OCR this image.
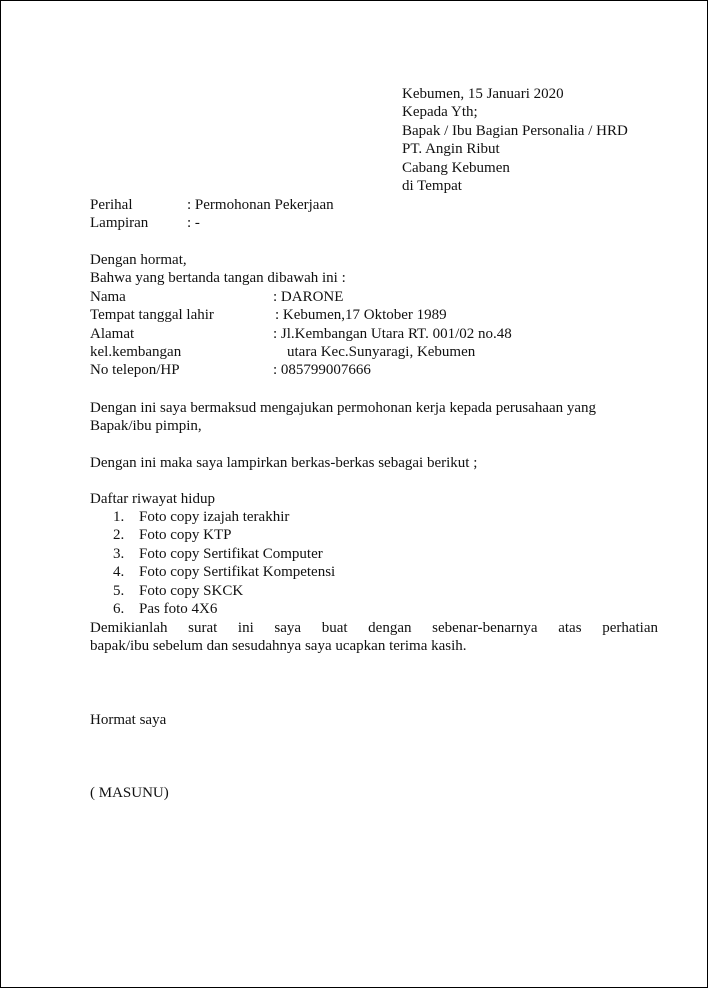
Kebumen, 15 Januari 2020
Kepada Yth;
Bapak / Ibu Bagian Personalia / HRD
PT. Angin Ribut
Cabang Kebumen
di Tempat
Perihal	: Permohonan Pekerjaan
Lampiran	: -
Dengan hormat,
Bahwa yang bertanda tangan dibawah ini :
Nama	: DARONE
Tempat tanggal lahir	: Kebumen,17 Oktober 1989
Alamat	: Jl.Kembangan Utara RT. 001/02 no.48
kel.kembangan	utara Kec.Sunyaragi, Kebumen
No telepon/HP	: 085799007666
Dengan ini saya bermaksud mengajukan permohonan kerja kepada perusahaan yang
Bapak/ibu pimpin,
Dengan ini maka saya lampirkan berkas-berkas sebagai berikut ;
Daftar riwayat hidup
1. Foto copy izajah terakhir
2. Foto copy KTP
3. Foto copy Sertifikat Computer
4. Foto copy Sertifikat Kompetensi
5. Foto copy SKCK
6. Pas foto 4X6
Demikianlah surat ini saya buat dengan sebenar-benarnya atas perhatian
bapak/ibu sebelum dan sesudahnya saya ucapkan terima kasih.
Hormat saya
( MASUNU)
